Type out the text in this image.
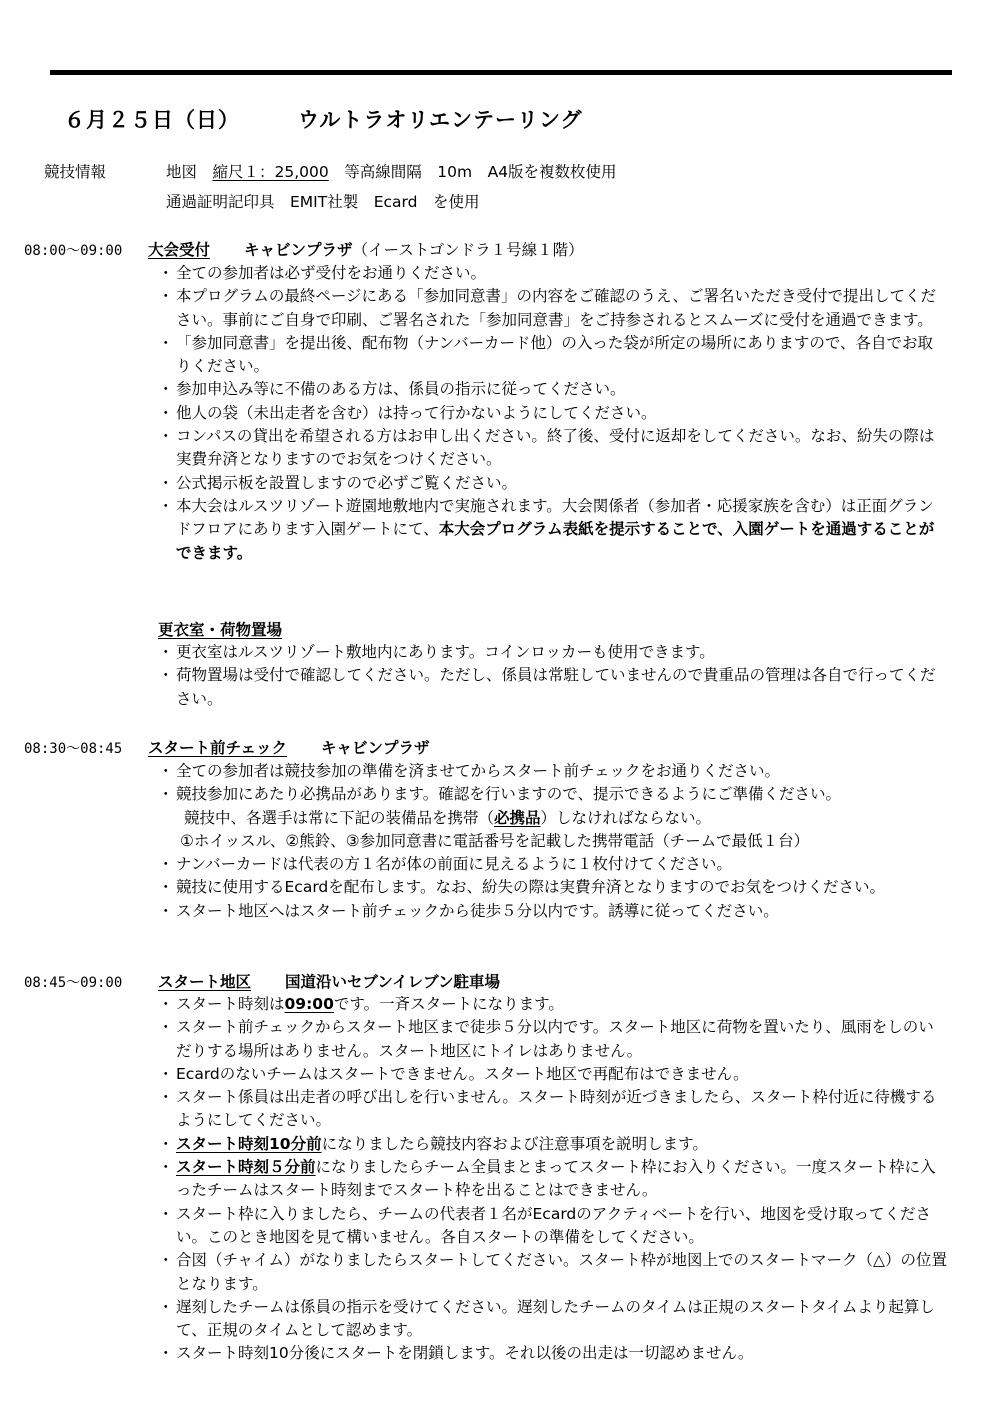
６月２５日（日）	ウルトラオリエンテーリング
競技情報	地図　縮尺１：25,000　等高線間隔　10m　A4版を複数枚使用
通過証明記印具　EMIT社製　Ecard　を使用
08:00〜09:00 大会受付 キャビンプラザ（イーストゴンドラ１号線１階）
・ 全ての参加者は必ず受付をお通りください。
・ 本プログラムの最終ページにある「参加同意書」の内容をご確認のうえ、ご署名いただき受付で提出してください。事前にご自身で印刷、ご署名された「参加同意書」をご持参されるとスムーズに受付を通過できます。
・ 「参加同意書」を提出後、配布物（ナンバーカード他）の入った袋が所定の場所にありますので、各自でお取りください。
・ 参加申込み等に不備のある方は、係員の指示に従ってください。
・ 他人の袋（未出走者を含む）は持って行かないようにしてください。
・ コンパスの貸出を希望される方はお申し出ください。終了後、受付に返却をしてください。なお、紛失の際は実費弁済となりますのでお気をつけください。
・ 公式掲示板を設置しますので必ずご覧ください。
・ 本大会はルスツリゾート遊園地敷地内で実施されます。大会関係者（参加者・応援家族を含む）は正面グランドフロアにあります入園ゲートにて、本大会プログラム表紙を提示することで、入園ゲートを通過することができます。
更衣室・荷物置場
・ 更衣室はルスツリゾート敷地内にあります。コインロッカーも使用できます。
・ 荷物置場は受付で確認してください。ただし、係員は常駐していませんので貴重品の管理は各自で行ってください。
08:30〜08:45 スタート前チェック キャビンプラザ
・ 全ての参加者は競技参加の準備を済ませてからスタート前チェックをお通りください。
・ 競技参加にあたり必携品があります。確認を行いますので、提示できるようにご準備ください。
競技中、各選手は常に下記の装備品を携帯（必携品）しなければならない。
①ホイッスル、②熊鈴、③参加同意書に電話番号を記載した携帯電話（チームで最低１台）
・ ナンバーカードは代表の方１名が体の前面に見えるように１枚付けてください。
・ 競技に使用するEcardを配布します。なお、紛失の際は実費弁済となりますのでお気をつけください。
・ スタート地区へはスタート前チェックから徒歩５分以内です。誘導に従ってください。
08:45〜09:00 スタート地区 国道沿いセブンイレブン駐車場
・ スタート時刻は09:00です。一斉スタートになります。
・ スタート前チェックからスタート地区まで徒歩５分以内です。スタート地区に荷物を置いたり、風雨をしのいだりする場所はありません。スタート地区にトイレはありません。
・ Ecardのないチームはスタートできません。スタート地区で再配布はできません。
・ スタート係員は出走者の呼び出しを行いません。スタート時刻が近づきましたら、スタート枠付近に待機するようにしてください。
・ スタート時刻10分前になりましたら競技内容および注意事項を説明します。
・ スタート時刻５分前になりましたらチーム全員まとまってスタート枠にお入りください。一度スタート枠に入ったチームはスタート時刻までスタート枠を出ることはできません。
・ スタート枠に入りましたら、チームの代表者１名がEcardのアクティベートを行い、地図を受け取ってください。このとき地図を見て構いません。各自スタートの準備をしてください。
・ 合図（チャイム）がなりましたらスタートしてください。スタート枠が地図上でのスタートマーク（△）の位置となります。
・ 遅刻したチームは係員の指示を受けてください。遅刻したチームのタイムは正規のスタートタイムより起算して、正規のタイムとして認めます。
・ スタート時刻10分後にスタートを閉鎖します。それ以後の出走は一切認めません。
